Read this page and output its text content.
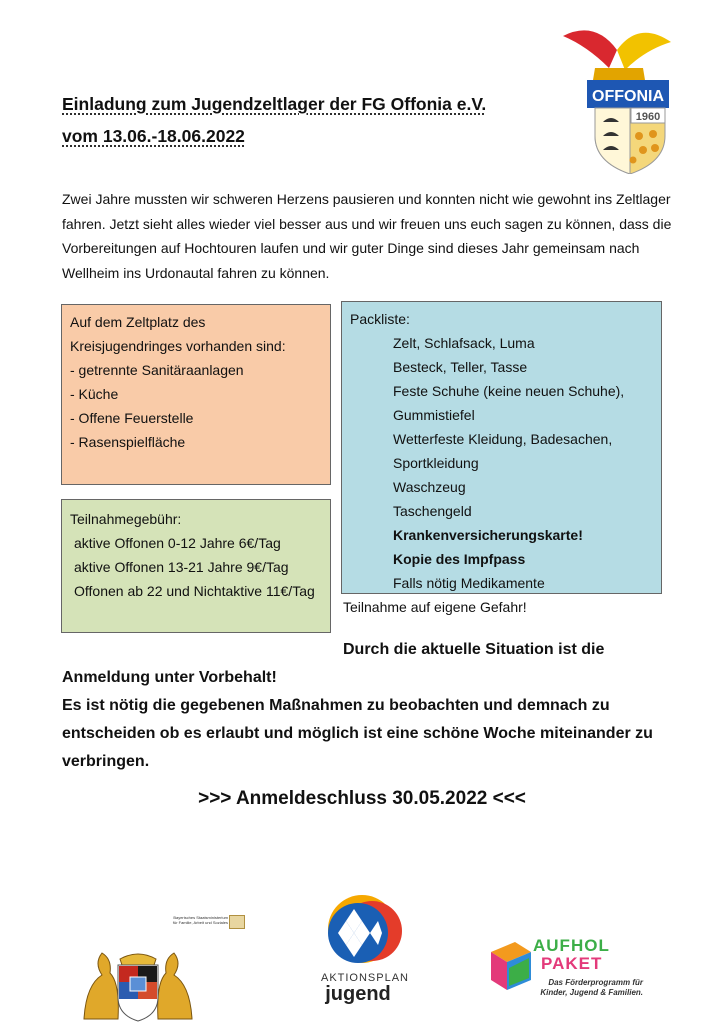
Einladung zum Jugendzeltlager der FG Offonia e.V.
vom 13.06.-18.06.2022
OFFONIA
1960
Zwei Jahre mussten wir schweren Herzens pausieren und konnten nicht wie gewohnt ins Zeltlager fahren. Jetzt sieht alles wieder viel besser aus und wir freuen uns euch sagen zu können, dass die Vorbereitungen auf Hochtouren laufen und wir guter Dinge sind dieses Jahr gemeinsam nach Wellheim ins Urdonautal fahren zu können.
Auf dem Zeltplatz des Kreisjugendringes vorhanden sind:
- getrennte Sanitäraanlagen
- Küche
- Offene Feuerstelle
- Rasenspielfläche
Teilnahmegebühr:
aktive Offonen 0-12 Jahre 6€/Tag
aktive Offonen 13-21 Jahre 9€/Tag
Offonen ab 22 und Nichtaktive 11€/Tag
Packliste:
Zelt, Schlafsack, Luma
Besteck, Teller, Tasse
Feste Schuhe (keine neuen Schuhe), Gummistiefel
Wetterfeste Kleidung, Badesachen, Sportkleidung
Waschzeug
Taschengeld
Krankenversicherungskarte!
Kopie des Impfpass
Falls nötig Medikamente
Teilnahme auf eigene Gefahr!
Durch die aktuelle Situation ist die
Anmeldung unter Vorbehalt!
Es ist nötig die gegebenen Maßnahmen zu beobachten und demnach zu entscheiden ob es erlaubt und möglich ist eine schöne Woche miteinander zu verbringen.
>>> Anmeldeschluss 30.05.2022 <<<
Bayerisches Staatsministerium für Familie, Arbeit und Soziales
AKTIONSPLAN
jugend
AUFHOL
PAKET
Das Förderprogramm für
Kinder, Jugend & Familien.
